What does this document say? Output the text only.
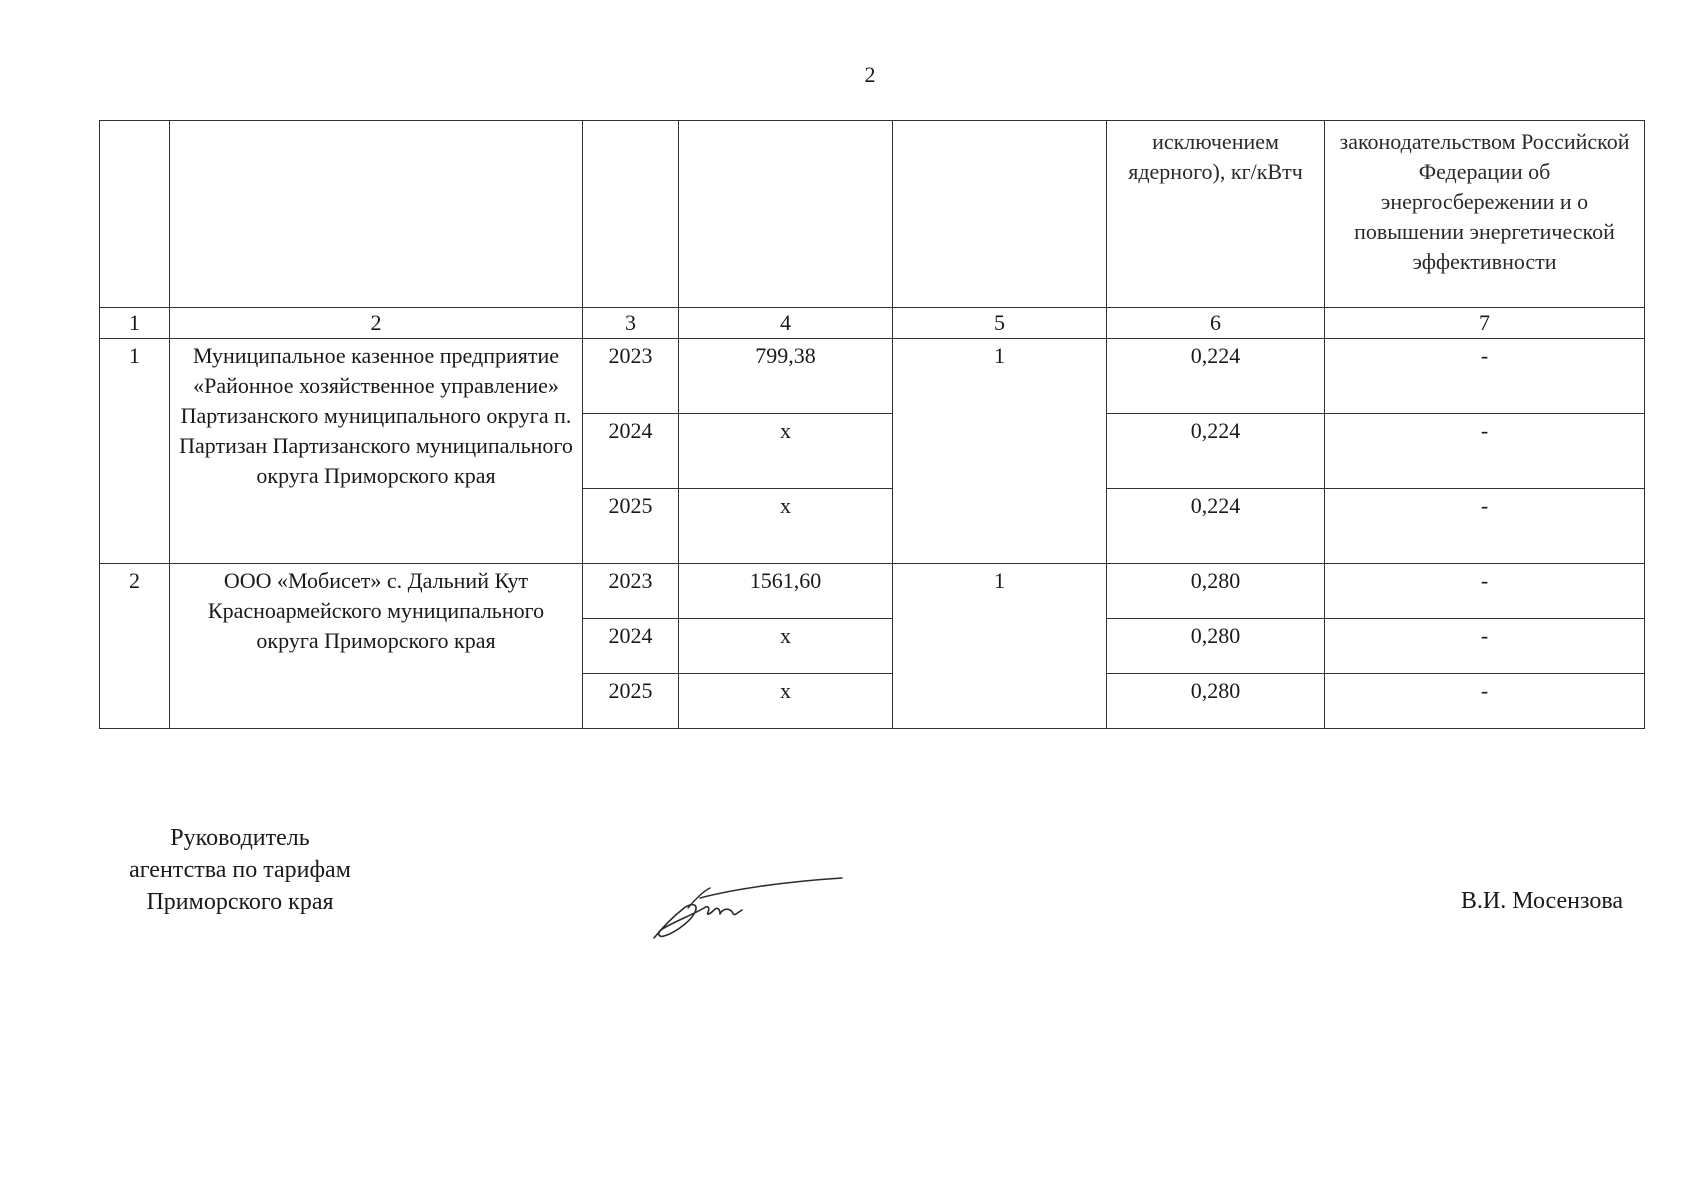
2
					исключением ядерного), кг/кВтч	законодательством Российской Федерации об энергосбережении и о повышении энергетической эффективности
1	2	3	4	5	6	7
1	Муниципальное казенное предприятие «Районное хозяйственное управление» Партизанского муниципального округа п. Партизан Партизанского муниципального округа Приморского края	2023	799,38	1	0,224	-
		2024	х		0,224	-
		2025	х		0,224	-
2	ООО «Мобисет» с. Дальний Кут Красноармейского муниципального округа Приморского края	2023	1561,60	1	0,280	-
		2024	х		0,280	-
		2025	х		0,280	-
Руководитель
агентства по тарифам
Приморского края	В.И. Мосензова
